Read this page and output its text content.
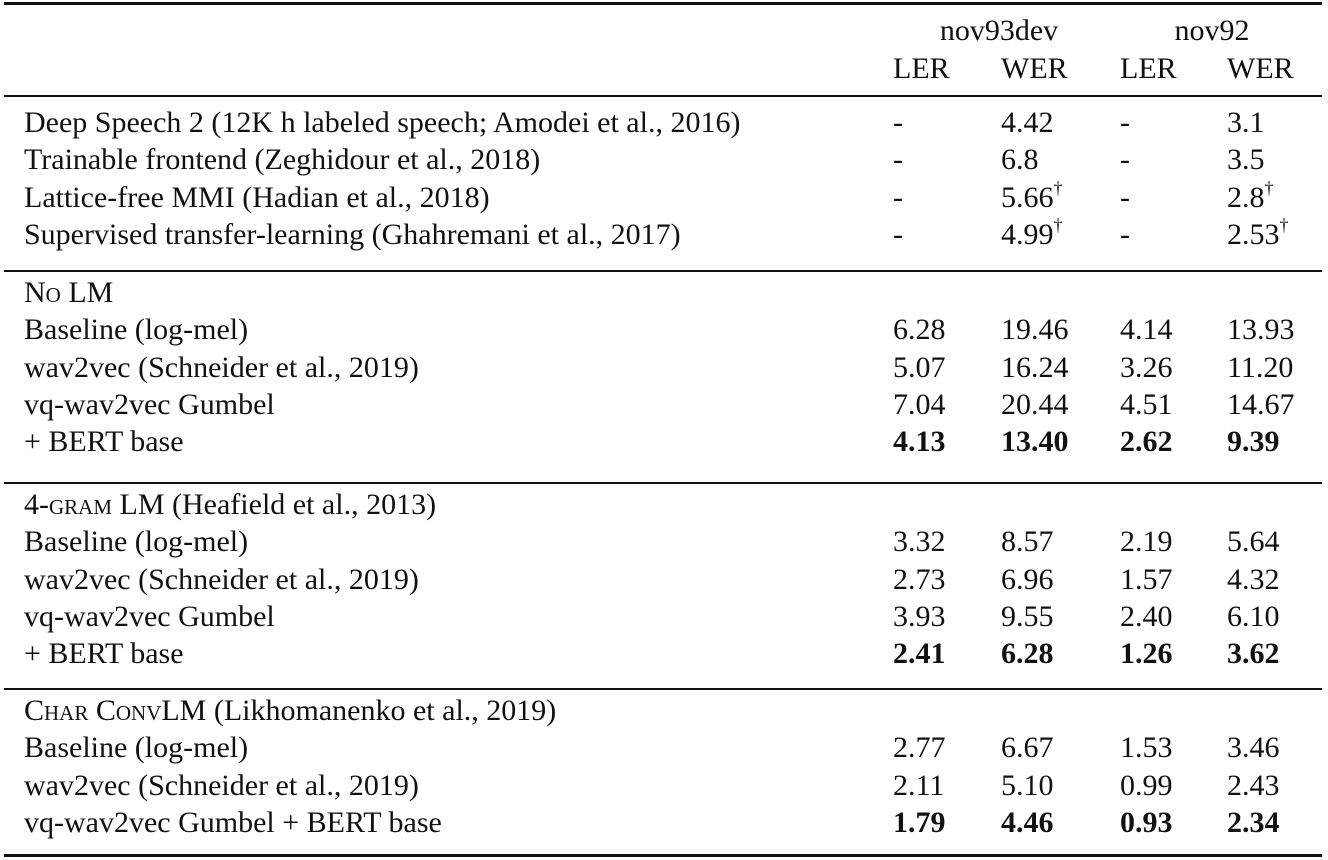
nov93dev	nov92
LER WER LER WER
Deep Speech 2 (12K h labeled speech; Amodei et al., 2016)	-	4.42 -	3.1
Trainable frontend (Zeghidour et al., 2018)	-	6.8	-	3.5
Lattice-free MMI (Hadian et al., 2018)	-	5.66† -	2.8†
Supervised transfer-learning (Ghahremani et al., 2017)	-	4.99† -	2.53†
No LM
Baseline (log-mel)	6.28 19.46 4.14 13.93
wav2vec (Schneider et al., 2019)	5.07 16.24 3.26 11.20
vq-wav2vec Gumbel	7.04 20.44 4.51 14.67
+ BERT base	4.13 13.40 2.62 9.39
4-gram LM (Heafield et al., 2013)
Baseline (log-mel)	3.32 8.57 2.19 5.64
wav2vec (Schneider et al., 2019)	2.73 6.96 1.57 4.32
vq-wav2vec Gumbel	3.93 9.55 2.40 6.10
+ BERT base	2.41 6.28 1.26 3.62
Char ConvLM (Likhomanenko et al., 2019)
Baseline (log-mel)	2.77 6.67 1.53 3.46
wav2vec (Schneider et al., 2019)	2.11 5.10 0.99 2.43
vq-wav2vec Gumbel + BERT base	1.79 4.46 0.93 2.34
